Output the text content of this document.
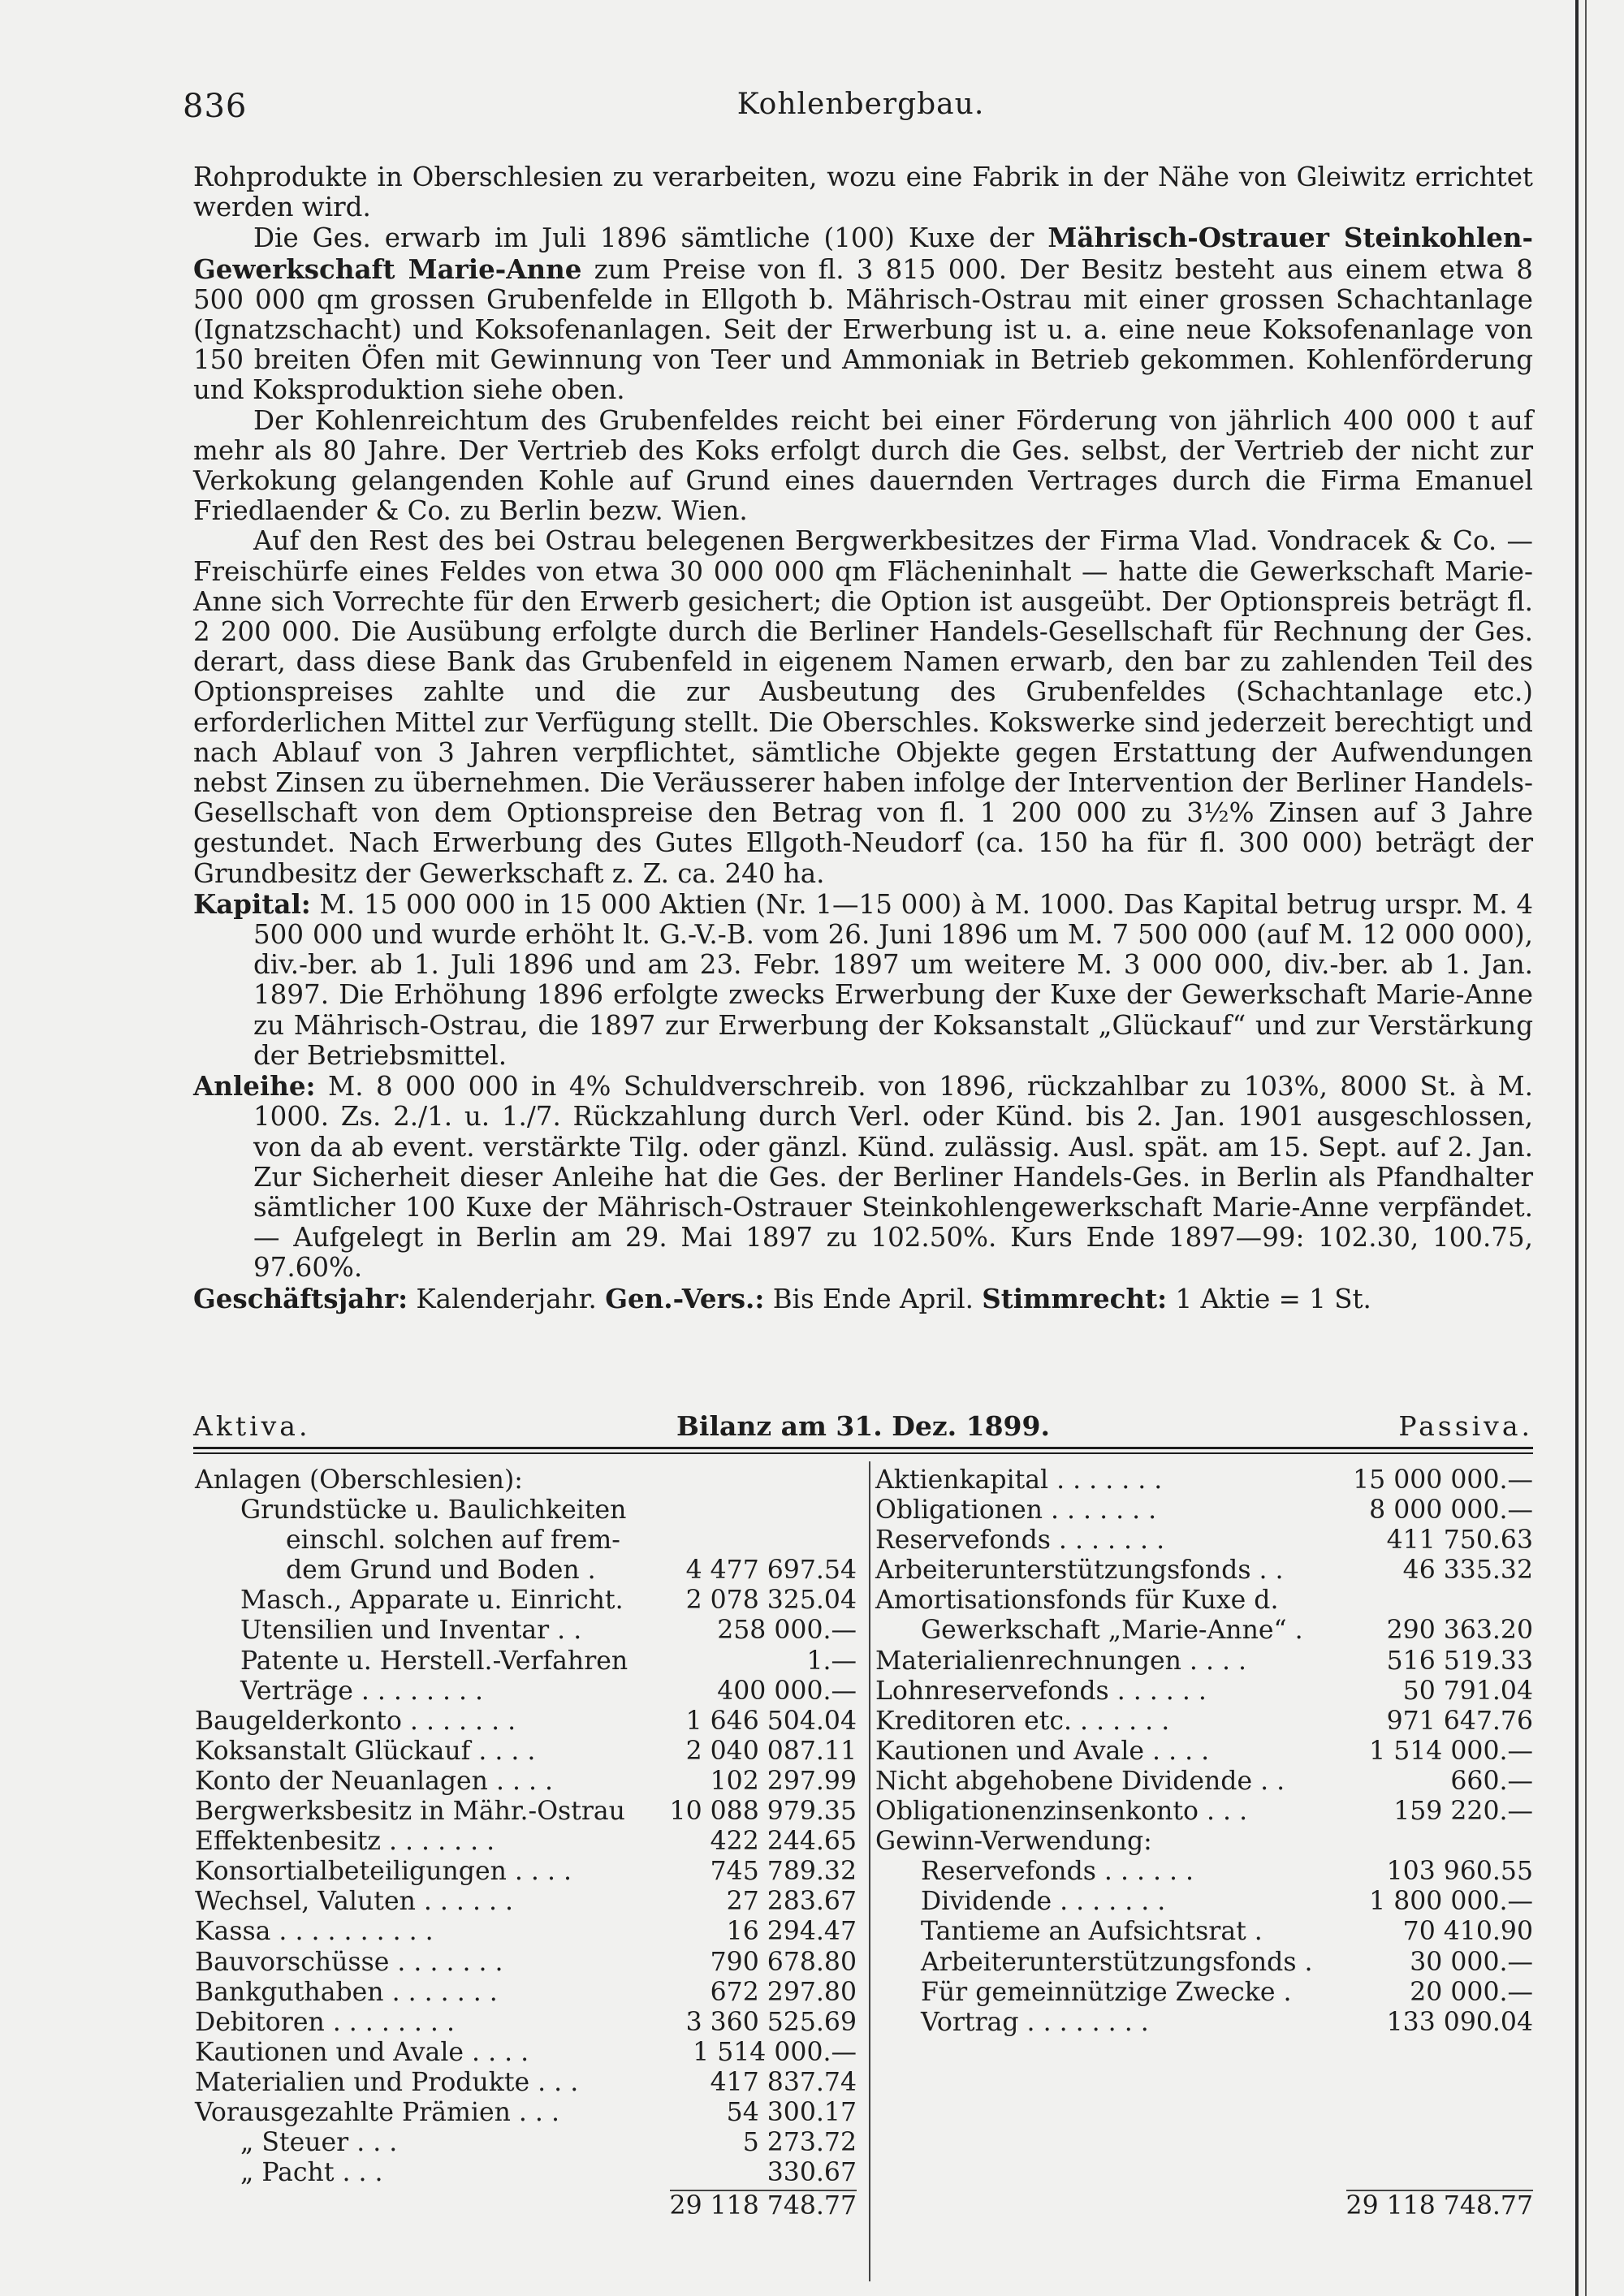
836	Kohlenbergbau.

Rohprodukte in Oberschlesien zu verarbeiten, wozu eine Fabrik in der Nähe von Gleiwitz errichtet werden wird.

Die Ges. erwarb im Juli 1896 sämtliche (100) Kuxe der Mährisch-Ostrauer Steinkohlen-Gewerkschaft Marie-Anne zum Preise von fl. 3 815 000. Der Besitz besteht aus einem etwa 8 500 000 qm grossen Grubenfelde in Ellgoth b. Mährisch-Ostrau mit einer grossen Schachtanlage (Ignatzschacht) und Koksofenanlagen. Seit der Erwerbung ist u. a. eine neue Koksofenanlage von 150 breiten Öfen mit Gewinnung von Teer und Ammoniak in Betrieb gekommen. Kohlenförderung und Koksproduktion siehe oben.

Der Kohlenreichtum des Grubenfeldes reicht bei einer Förderung von jährlich 400 000 t auf mehr als 80 Jahre. Der Vertrieb des Koks erfolgt durch die Ges. selbst, der Vertrieb der nicht zur Verkokung gelangenden Kohle auf Grund eines dauernden Vertrages durch die Firma Emanuel Friedlaender & Co. zu Berlin bezw. Wien.

Auf den Rest des bei Ostrau belegenen Bergwerkbesitzes der Firma Vlad. Vondracek & Co. — Freischürfe eines Feldes von etwa 30 000 000 qm Flächeninhalt — hatte die Gewerkschaft Marie-Anne sich Vorrechte für den Erwerb gesichert; die Option ist ausgeübt. Der Optionspreis beträgt fl. 2 200 000. Die Ausübung erfolgte durch die Berliner Handels-Gesellschaft für Rechnung der Ges. derart, dass diese Bank das Grubenfeld in eigenem Namen erwarb, den bar zu zahlenden Teil des Optionspreises zahlte und die zur Ausbeutung des Grubenfeldes (Schachtanlage etc.) erforderlichen Mittel zur Verfügung stellt. Die Oberschles. Kokswerke sind jederzeit berechtigt und nach Ablauf von 3 Jahren verpflichtet, sämtliche Objekte gegen Erstattung der Aufwendungen nebst Zinsen zu übernehmen. Die Veräusserer haben infolge der Intervention der Berliner Handels-Gesellschaft von dem Optionspreise den Betrag von fl. 1 200 000 zu 3½% Zinsen auf 3 Jahre gestundet. Nach Erwerbung des Gutes Ellgoth-Neudorf (ca. 150 ha für fl. 300 000) beträgt der Grundbesitz der Gewerkschaft z. Z. ca. 240 ha.

Kapital: M. 15 000 000 in 15 000 Aktien (Nr. 1—15 000) à M. 1000. Das Kapital betrug urspr. M. 4 500 000 und wurde erhöht lt. G.-V.-B. vom 26. Juni 1896 um M. 7 500 000 (auf M. 12 000 000), div.-ber. ab 1. Juli 1896 und am 23. Febr. 1897 um weitere M. 3 000 000, div.-ber. ab 1. Jan. 1897. Die Erhöhung 1896 erfolgte zwecks Erwerbung der Kuxe der Gewerkschaft Marie-Anne zu Mährisch-Ostrau, die 1897 zur Erwerbung der Koksanstalt „Glückauf“ und zur Verstärkung der Betriebsmittel.

Anleihe: M. 8 000 000 in 4% Schuldverschreib. von 1896, rückzahlbar zu 103%, 8000 St. à M. 1000. Zs. 2./1. u. 1./7. Rückzahlung durch Verl. oder Künd. bis 2. Jan. 1901 ausgeschlossen, von da ab event. verstärkte Tilg. oder gänzl. Künd. zulässig. Ausl. spät. am 15. Sept. auf 2. Jan. Zur Sicherheit dieser Anleihe hat die Ges. der Berliner Handels-Ges. in Berlin als Pfandhalter sämtlicher 100 Kuxe der Mährisch-Ostrauer Steinkohlengewerkschaft Marie-Anne verpfändet. — Aufgelegt in Berlin am 29. Mai 1897 zu 102.50%. Kurs Ende 1897—99: 102.30, 100.75, 97.60%.

Geschäftsjahr: Kalenderjahr. Gen.-Vers.: Bis Ende April. Stimmrecht: 1 Aktie = 1 St.

Aktiva.	Bilanz am 31. Dez. 1899.	Passiva.
Anlagen (Oberschlesien):
Grundstücke u. Baulichkeiten
einschl. solchen auf frem-
dem Grund und Boden .	4 477 697.54
Masch., Apparate u. Einricht. 2 078 325.04
Utensilien und Inventar . .	258 000.—
Patente u. Herstell.-Verfahren	1.—
Verträge . . . . . . . .	400 000.—
Baugelderkonto . . . . . . .	1 646 504.04
Koksanstalt Glückauf . . . .	2 040 087.11
Konto der Neuanlagen . . . .	102 297.99
Bergwerksbesitz in Mähr.-Ostrau 10 088 979.35
Effektenbesitz . . . . . . .	422 244.65
Konsortialbeteiligungen . . . .	745 789.32
Wechsel, Valuten . . . . . .	27 283.67
Kassa . . . . . . . . . .	16 294.47
Bauvorschüsse . . . . . . .	790 678.80
Bankguthaben . . . . . . .	672 297.80
Debitoren . . . . . . . .	3 360 525.69
Kautionen und Avale . . . .	1 514 000.—
Materialien und Produkte . . .	417 837.74
Vorausgezahlte Prämien . . .	54 300.17
„ Steuer . . .	5 273.72
„ Pacht . . .	330.67
29 118 748.77
Aktienkapital . . . . . . .	15 000 000.—
Obligationen . . . . . . .	8 000 000.—
Reservefonds . . . . . . .	411 750.63
Arbeiterunterstützungsfonds . .	46 335.32
Amortisationsfonds für Kuxe d.
Gewerkschaft „Marie-Anne“ .	290 363.20
Materialienrechnungen . . . .	516 519.33
Lohnreservefonds . . . . . .	50 791.04
Kreditoren etc. . . . . . .	971 647.76
Kautionen und Avale . . . .	1 514 000.—
Nicht abgehobene Dividende . .	660.—
Obligationenzinsenkonto . . .	159 220.—
Gewinn-Verwendung:
Reservefonds . . . . . .	103 960.55
Dividende . . . . . . .	1 800 000.—
Tantieme an Aufsichtsrat .	70 410.90
Arbeiterunterstützungsfonds .	30 000.—
Für gemeinnützige Zwecke .	20 000.—
Vortrag . . . . . . . .	133 090.04
29 118 748.77
